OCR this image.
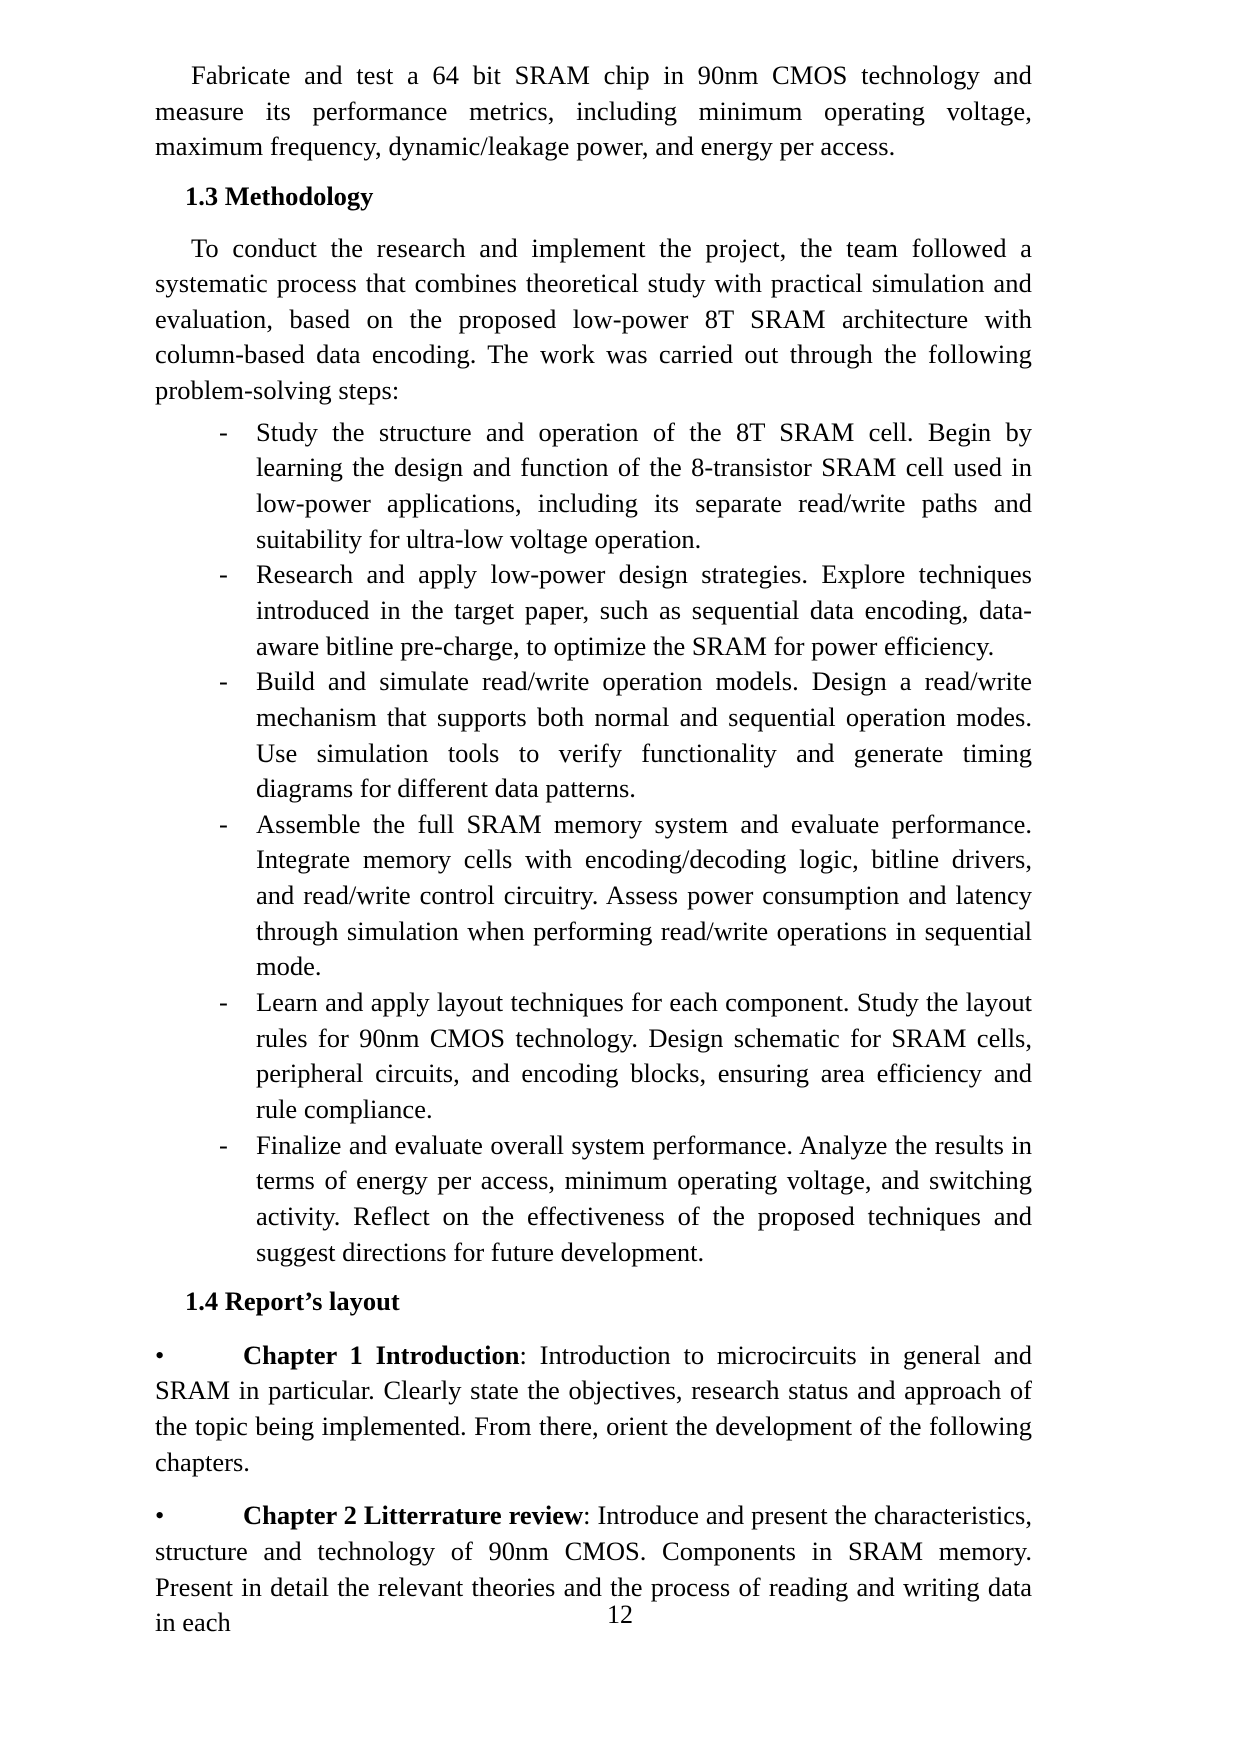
Fabricate and test a 64 bit SRAM chip in 90nm CMOS technology and measure its performance metrics, including minimum operating voltage, maximum frequency, dynamic/leakage power, and energy per access.

1.3 Methodology

To conduct the research and implement the project, the team followed a systematic process that combines theoretical study with practical simulation and evaluation, based on the proposed low-power 8T SRAM architecture with column-based data encoding. The work was carried out through the following problem-solving steps:

-	Study the structure and operation of the 8T SRAM cell. Begin by learning the design and function of the 8-transistor SRAM cell used in low-power applications, including its separate read/write paths and suitability for ultra-low voltage operation.
-	Research and apply low-power design strategies. Explore techniques introduced in the target paper, such as sequential data encoding, data-aware bitline pre-charge, to optimize the SRAM for power efficiency.
-	Build and simulate read/write operation models. Design a read/write mechanism that supports both normal and sequential operation modes. Use simulation tools to verify functionality and generate timing diagrams for different data patterns.
-	Assemble the full SRAM memory system and evaluate performance. Integrate memory cells with encoding/decoding logic, bitline drivers, and read/write control circuitry. Assess power consumption and latency through simulation when performing read/write operations in sequential mode.
-	Learn and apply layout techniques for each component. Study the layout rules for 90nm CMOS technology. Design schematic for SRAM cells, peripheral circuits, and encoding blocks, ensuring area efficiency and rule compliance.
-	Finalize and evaluate overall system performance. Analyze the results in terms of energy per access, minimum operating voltage, and switching activity. Reflect on the effectiveness of the proposed techniques and suggest directions for future development.
1.4 Report’s layout
•	Chapter 1 Introduction: Introduction to microcircuits in general and SRAM in particular. Clearly state the objectives, research status and approach of the topic being implemented. From there, orient the development of the following chapters.
•	Chapter 2 Litterrature review: Introduce and present the characteristics, structure and technology of 90nm CMOS. Components in SRAM memory. Present in detail the relevant theories and the process of reading and writing data in each	12
